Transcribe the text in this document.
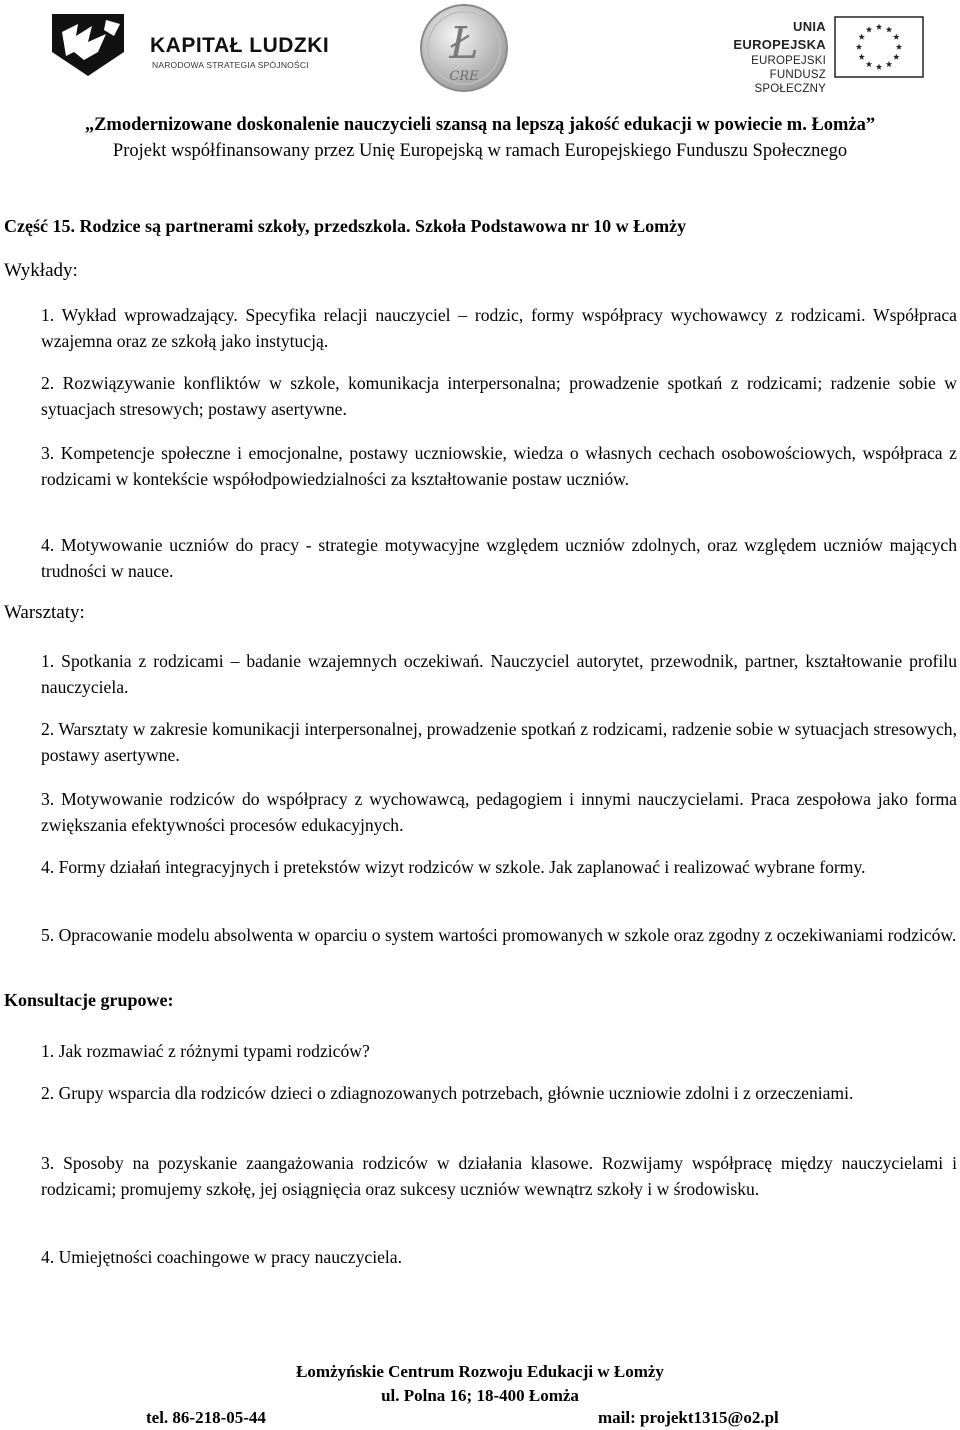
KAPITAŁ LUDZKI
NARODOWA STRATEGIA SPÓJNOŚCI	Ł
CRE
UNIA EUROPEJSKA
EUROPEJSKI
FUNDUSZ SPOŁECZNY
„Zmodernizowane doskonalenie nauczycieli szansą na lepszą jakość edukacji w powiecie m. Łomża”
Projekt współfinansowany przez Unię Europejską w ramach Europejskiego Funduszu Społecznego
Część 15. Rodzice są partnerami szkoły, przedszkola. Szkoła Podstawowa nr 10 w Łomży
Wykłady:
1. Wykład wprowadzający. Specyfika relacji nauczyciel – rodzic, formy współpracy wychowawcy z rodzicami. Współpraca wzajemna oraz ze szkołą jako instytucją.
2. Rozwiązywanie konfliktów w szkole, komunikacja interpersonalna; prowadzenie spotkań z rodzicami; radzenie sobie w sytuacjach stresowych; postawy asertywne.
3. Kompetencje społeczne i emocjonalne, postawy uczniowskie, wiedza o własnych cechach osobowościowych, współpraca z rodzicami w kontekście współodpowiedzialności za kształtowanie postaw uczniów.
4. Motywowanie uczniów do pracy - strategie motywacyjne względem uczniów zdolnych, oraz względem uczniów mających trudności w nauce.
Warsztaty:
1. Spotkania z rodzicami – badanie wzajemnych oczekiwań. Nauczyciel autorytet, przewodnik, partner, kształtowanie profilu nauczyciela.
2. Warsztaty w zakresie komunikacji interpersonalnej, prowadzenie spotkań z rodzicami, radzenie sobie w sytuacjach stresowych, postawy asertywne.
3. Motywowanie rodziców do współpracy z wychowawcą, pedagogiem i innymi nauczycielami. Praca zespołowa jako forma zwiększania efektywności procesów edukacyjnych.
4. Formy działań integracyjnych i pretekstów wizyt rodziców w szkole. Jak zaplanować i realizować wybrane formy.
5. Opracowanie modelu absolwenta w oparciu o system wartości promowanych w szkole oraz zgodny z oczekiwaniami rodziców.
Konsultacje grupowe:
1. Jak rozmawiać z różnymi typami rodziców?
2. Grupy wsparcia dla rodziców dzieci o zdiagnozowanych potrzebach, głównie uczniowie zdolni i z orzeczeniami.
3. Sposoby na pozyskanie zaangażowania rodziców w działania klasowe. Rozwijamy współpracę między nauczycielami i rodzicami; promujemy szkołę, jej osiągnięcia oraz sukcesy uczniów wewnątrz szkoły i w środowisku.
4. Umiejętności coachingowe w pracy nauczyciela.
Łomżyńskie Centrum Rozwoju Edukacji w Łomży
ul. Polna 16; 18-400 Łomża
tel. 86-218-05-44	mail: projekt1315@o2.pl
